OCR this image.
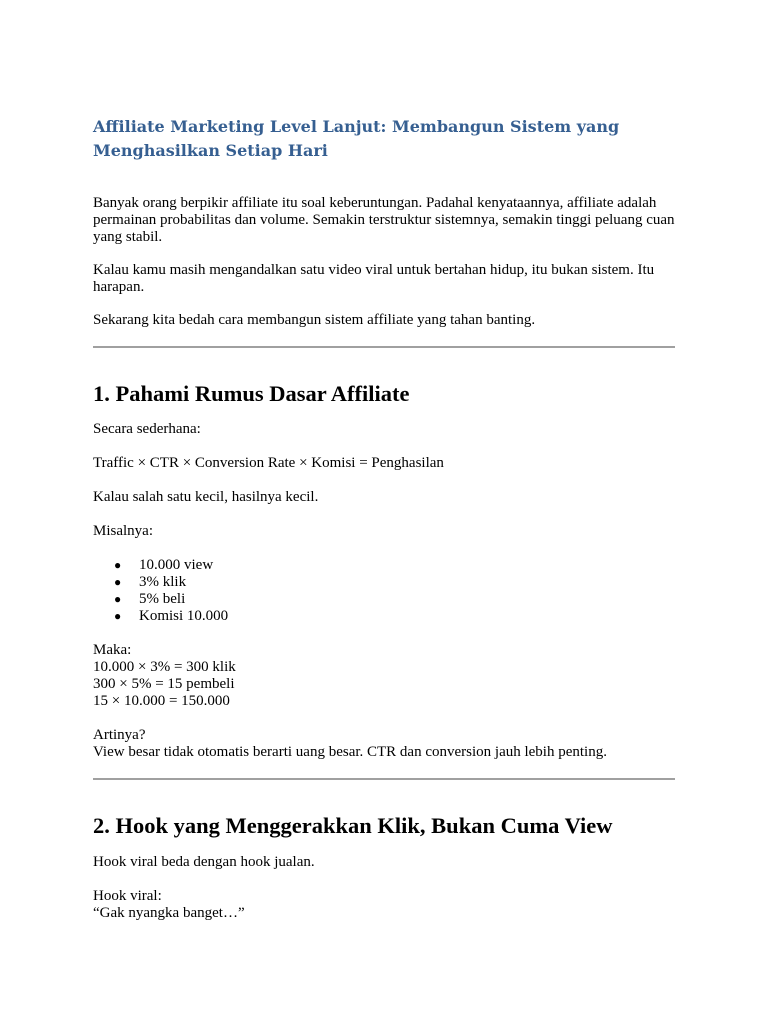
Affiliate Marketing Level Lanjut: Membangun Sistem yang
Menghasilkan Setiap Hari

Banyak orang berpikir affiliate itu soal keberuntungan. Padahal kenyataannya, affiliate adalah permainan probabilitas dan volume. Semakin terstruktur sistemnya, semakin tinggi peluang cuan yang stabil.

Kalau kamu masih mengandalkan satu video viral untuk bertahan hidup, itu bukan sistem. Itu harapan.

Sekarang kita bedah cara membangun sistem affiliate yang tahan banting.

1. Pahami Rumus Dasar Affiliate

Secara sederhana:

Traffic × CTR × Conversion Rate × Komisi = Penghasilan

Kalau salah satu kecil, hasilnya kecil.

Misalnya:

● 10.000 view
● 3% klik
● 5% beli
● Komisi 10.000

Maka:
10.000 × 3% = 300 klik
300 × 5% = 15 pembeli
15 × 10.000 = 150.000

Artinya?
View besar tidak otomatis berarti uang besar. CTR dan conversion jauh lebih penting.

2. Hook yang Menggerakkan Klik, Bukan Cuma View

Hook viral beda dengan hook jualan.

Hook viral:
“Gak nyangka banget…”
